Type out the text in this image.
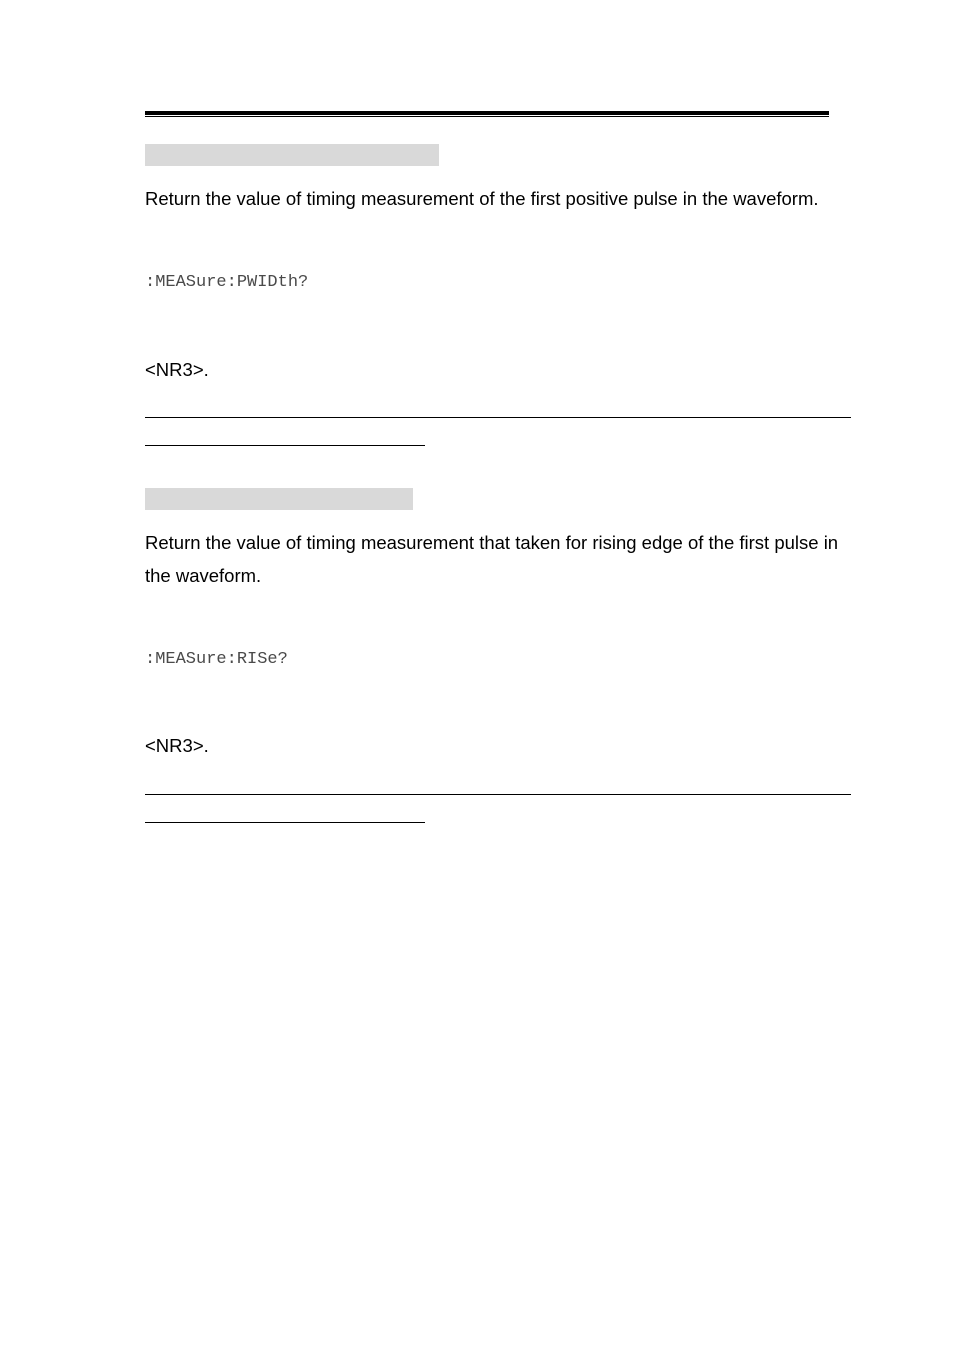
Return the value of timing measurement of the first positive pulse in the waveform.
:MEASure:PWIDth?
<NR3>.
Return the value of timing measurement that taken for rising edge of the first pulse in the waveform.
:MEASure:RISe?
<NR3>.
